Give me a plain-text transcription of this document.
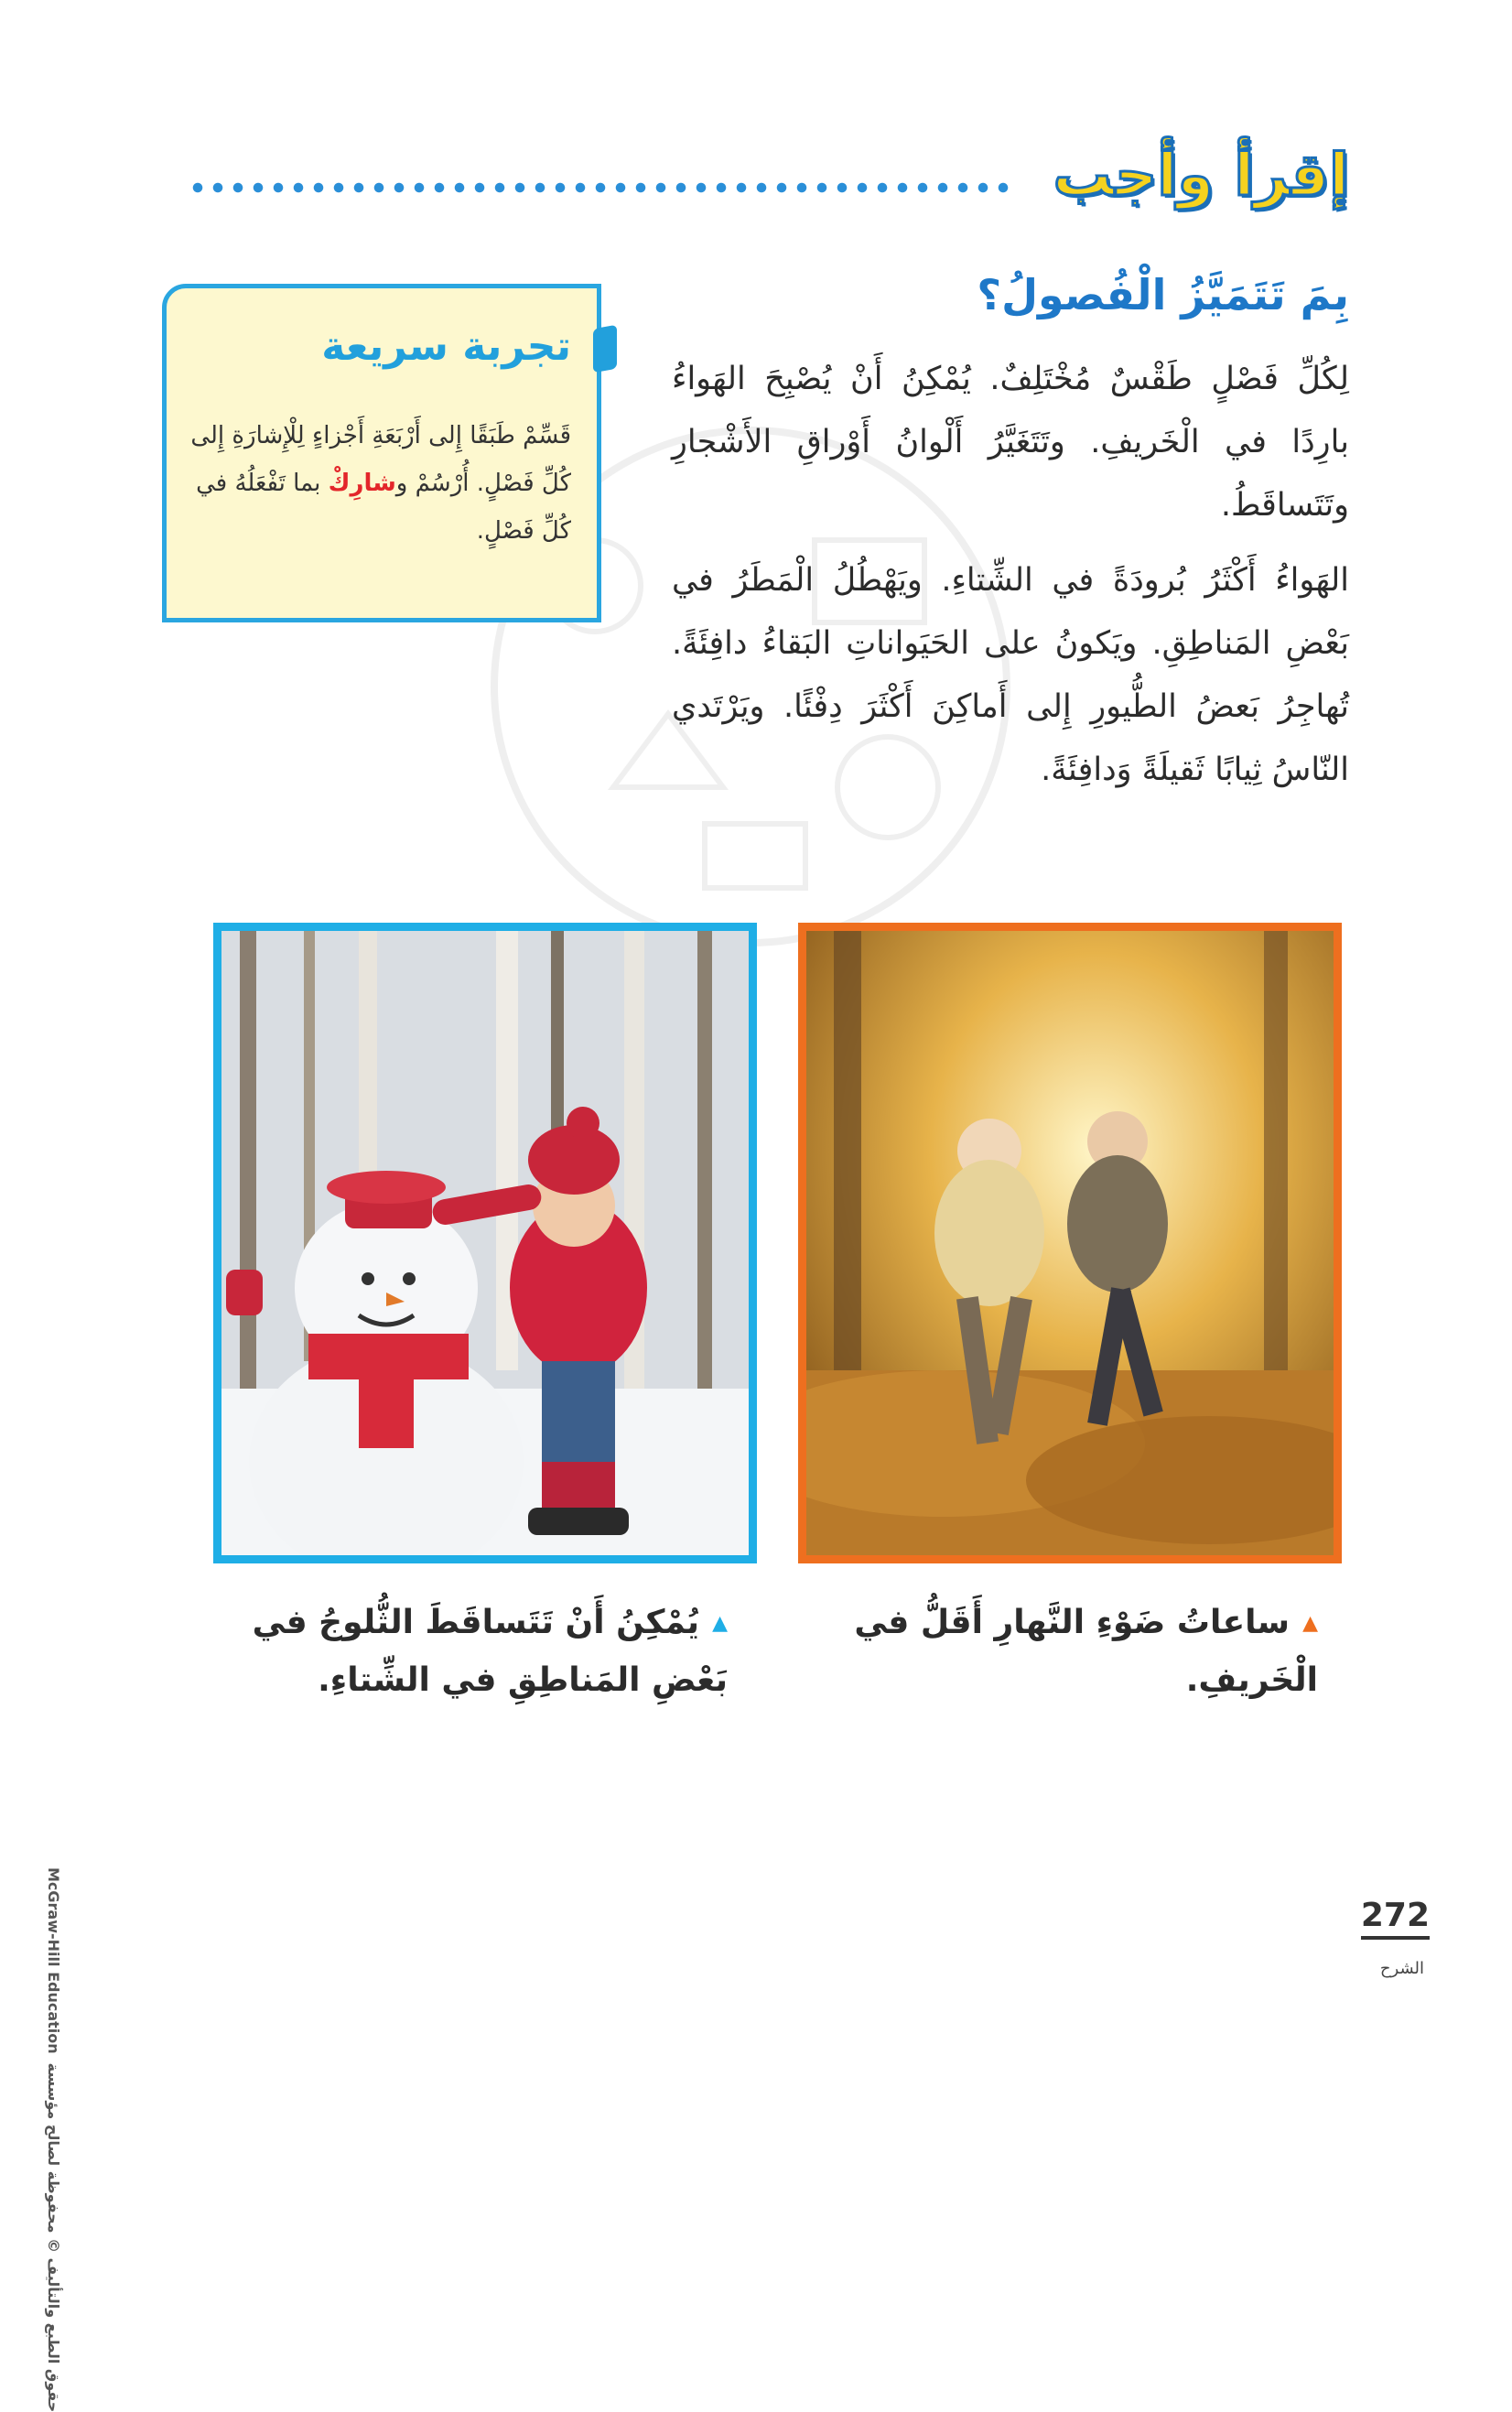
إقرأ وأجب
بِمَ تَتَمَيَّزُ الْفُصولُ؟
لِكُلِّ فَصْلٍ طَقْسٌ مُخْتَلِفٌ. يُمْكِنُ أَنْ يُصْبِحَ الهَواءُ بارِدًا في الْخَريفِ. وتَتَغَيَّرُ أَلْوانُ أَوْراقِ الأَشْجارِ وتَتَساقَطُ.
الهَواءُ أَكْثَرُ بُرودَةً في الشِّتاءِ. ويَهْطُلُ الْمَطَرُ في بَعْضِ المَناطِقِ. ويَكونُ على الحَيَواناتِ البَقاءُ دافِئَةً. تُهاجِرُ بَعضُ الطُّيورِ إِلى أَماكِنَ أَكْثَرَ دِفْئًا. ويَرْتَدي النّاسُ ثِيابًا ثَقيلَةً وَدافِئَةً.
تجربة سريعة
قَسِّمْ طَبَقًا إِلى أَرْبَعَةِ أَجْزاءٍ لِلْإِشارَةِ إِلى كُلِّ فَصْلٍ. أُرْسُمْ وشارِكْ بما تَفْعَلُهُ في كُلِّ فَصْلٍ.
▲ساعاتُ ضَوْءِ النَّهارِ أَقَلُّ في الْخَريفِ.
▲يُمْكِنُ أَنْ تَتَساقَطَ الثُّلوجُ في بَعْضِ المَناطِقِ في الشِّتاءِ.
McGraw-Hill Educationحقوق الطبع والتأليف © محفوظة لصالح مؤسسة
272
الشرح
